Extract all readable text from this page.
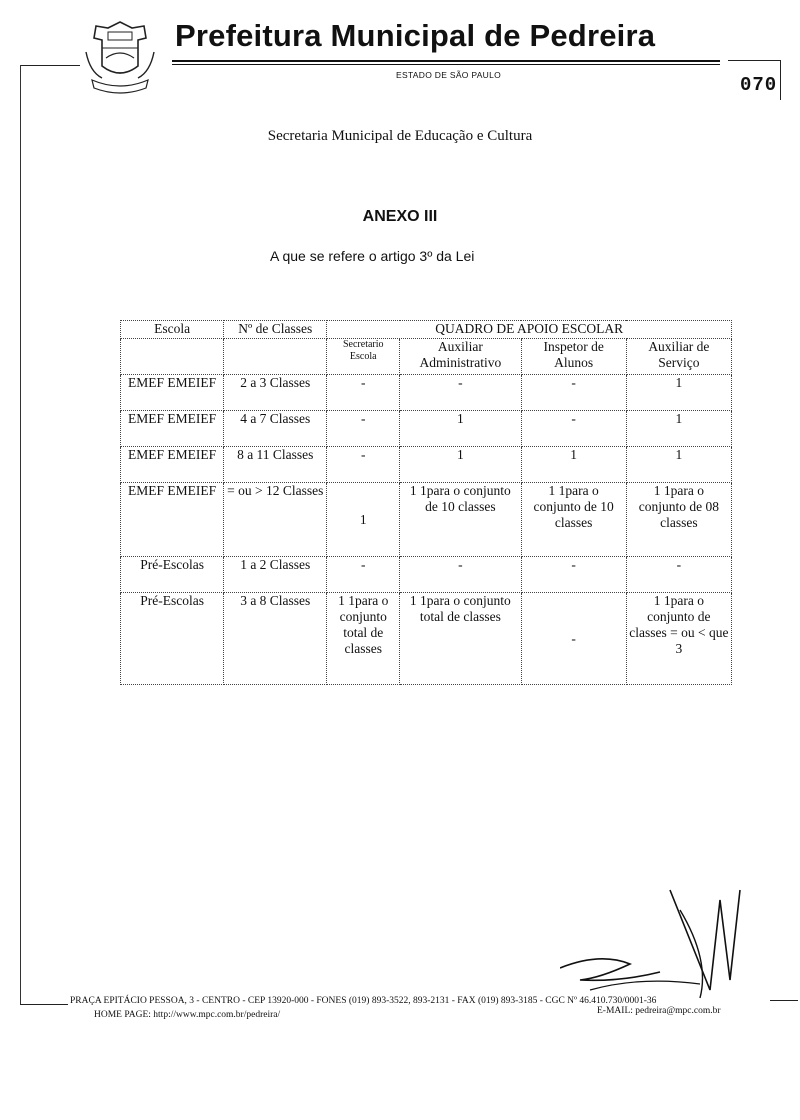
Prefeitura Municipal de Pedreira
ESTADO DE SÃO PAULO	070
Secretaria Municipal de Educação e Cultura
ANEXO III
A que se refere o artigo 3º da Lei
Escola	Nº de Classes	QUADRO DE APOIO ESCOLAR			
		Secretario Escola	Auxiliar Administrativo	Inspetor de Alunos	Auxiliar de Serviço
EMEF EMEIEF	2 a 3 Classes	-	-	-	1
EMEF EMEIEF	4 a 7 Classes	-	1	-	1
EMEF EMEIEF	8 a 11 Classes	-	1	1	1
EMEF EMEIEF	= ou > 12 Classes	1	1 1para o conjunto de 10 classes	1 1para o conjunto de 10 classes	1 1para o conjunto de 08 classes
Pré-Escolas	1 a 2 Classes	-	-	-	-
Pré-Escolas	3 a 8 Classes	1 1para o conjunto total de classes	1 1para o conjunto total de classes	-	1 1para o conjunto de classes = ou < que 3
PRAÇA EPITÁCIO PESSOA, 3 - CENTRO - CEP 13920-000 - FONES (019) 893-3522, 893-2131 - FAX (019) 893-3185 - CGC Nº 46.410.730/0001-36
HOME PAGE: http://www.mpc.com.br/pedreira/	E-MAIL: pedreira@mpc.com.br
